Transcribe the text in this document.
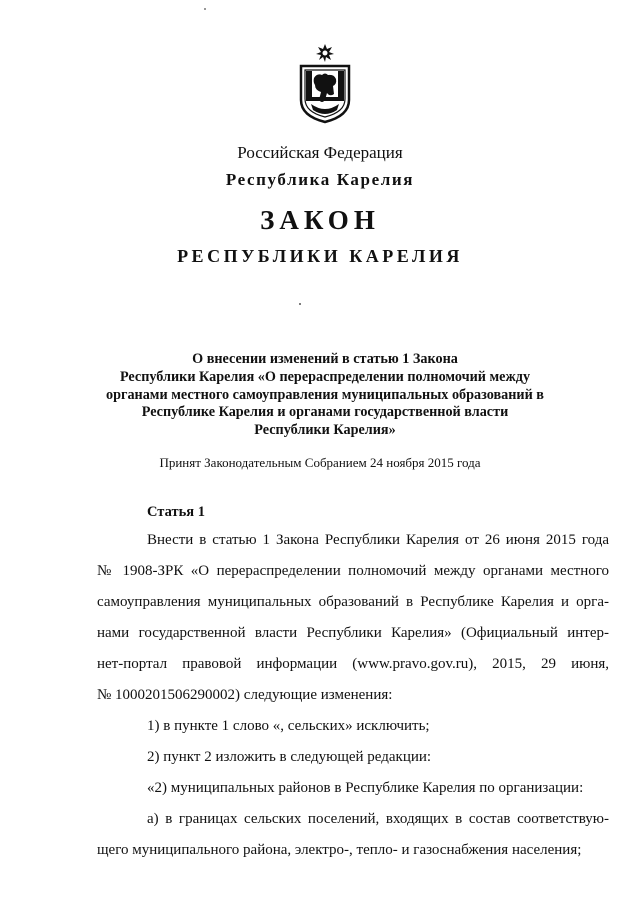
Российская Федерация
Республика Карелия
ЗАКОН
РЕСПУБЛИКИ КАРЕЛИЯ
О внесении изменений в статью 1 Закона
Республики Карелия «О перераспределении полномочий между
органами местного самоуправления муниципальных образований в
Республике Карелия и органами государственной власти
Республики Карелия»
Принят Законодательным Собранием 24 ноября 2015 года
Статья 1
Внести в статью 1 Закона Республики Карелия от 26 июня 2015 года
№ 1908-ЗРК «О перераспределении полномочий между органами местного
самоуправления муниципальных образований в Республике Карелия и орга-
нами государственной власти Республики Карелия» (Официальный интер-
нет-портал правовой информации (www.pravo.gov.ru), 2015, 29 июня,
№ 1000201506290002) следующие изменения:
1) в пункте 1 слово «, сельских» исключить;
2) пункт 2 изложить в следующей редакции:
«2) муниципальных районов в Республике Карелия по организации:
а) в границах сельских поселений, входящих в состав соответствую-
щего муниципального района, электро-, тепло- и газоснабжения населения;
